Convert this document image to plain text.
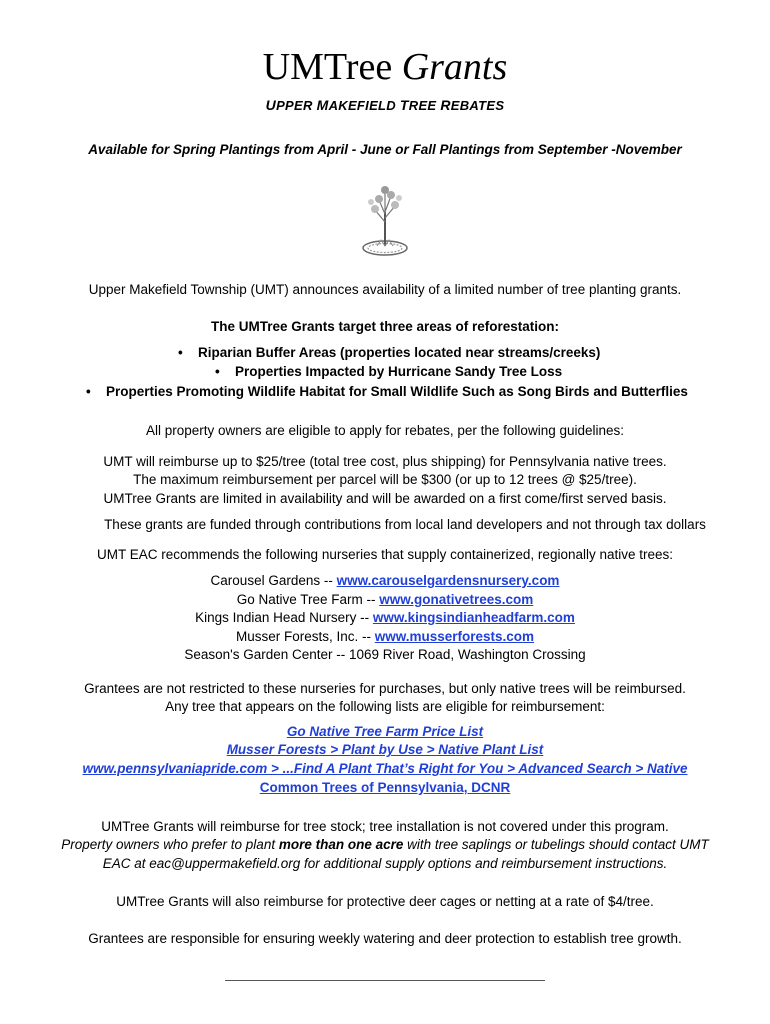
UMTree Grants
UPPER MAKEFIELD TREE REBATES
Available for Spring Plantings from April - June or Fall Plantings from September -November
Upper Makefield Township (UMT) announces availability of a limited number of tree planting grants.
The UMTree Grants target three areas of reforestation:
• Riparian Buffer Areas (properties located near streams/creeks)
• Properties Impacted by Hurricane Sandy Tree Loss
• Properties Promoting Wildlife Habitat for Small Wildlife Such as Song Birds and Butterflies
All property owners are eligible to apply for rebates, per the following guidelines:
UMT will reimburse up to $25/tree (total tree cost, plus shipping) for Pennsylvania native trees.
The maximum reimbursement per parcel will be $300 (or up to 12 trees @ $25/tree).
UMTree Grants are limited in availability and will be awarded on a first come/first served basis.
These grants are funded through contributions from local land developers and not through tax dollars
UMT EAC recommends the following nurseries that supply containerized, regionally native trees:
Carousel Gardens -- www.carouselgardensnursery.com
Go Native Tree Farm -- www.gonativetrees.com
Kings Indian Head Nursery -- www.kingsindianheadfarm.com
Musser Forests, Inc. -- www.musserforests.com
Season's Garden Center -- 1069 River Road, Washington Crossing
Grantees are not restricted to these nurseries for purchases, but only native trees will be reimbursed.
Any tree that appears on the following lists are eligible for reimbursement:
Go Native Tree Farm Price List
Musser Forests > Plant by Use > Native Plant List
www.pennsylvaniapride.com > ...Find A Plant That’s Right for You > Advanced Search > Native
Common Trees of Pennsylvania, DCNR
UMTree Grants will reimburse for tree stock; tree installation is not covered under this program.
Property owners who prefer to plant more than one acre with tree saplings or tubelings should contact UMT
EAC at eac@uppermakefield.org for additional supply options and reimbursement instructions.
UMTree Grants will also reimburse for protective deer cages or netting at a rate of $4/tree.
Grantees are responsible for ensuring weekly watering and deer protection to establish tree growth.
